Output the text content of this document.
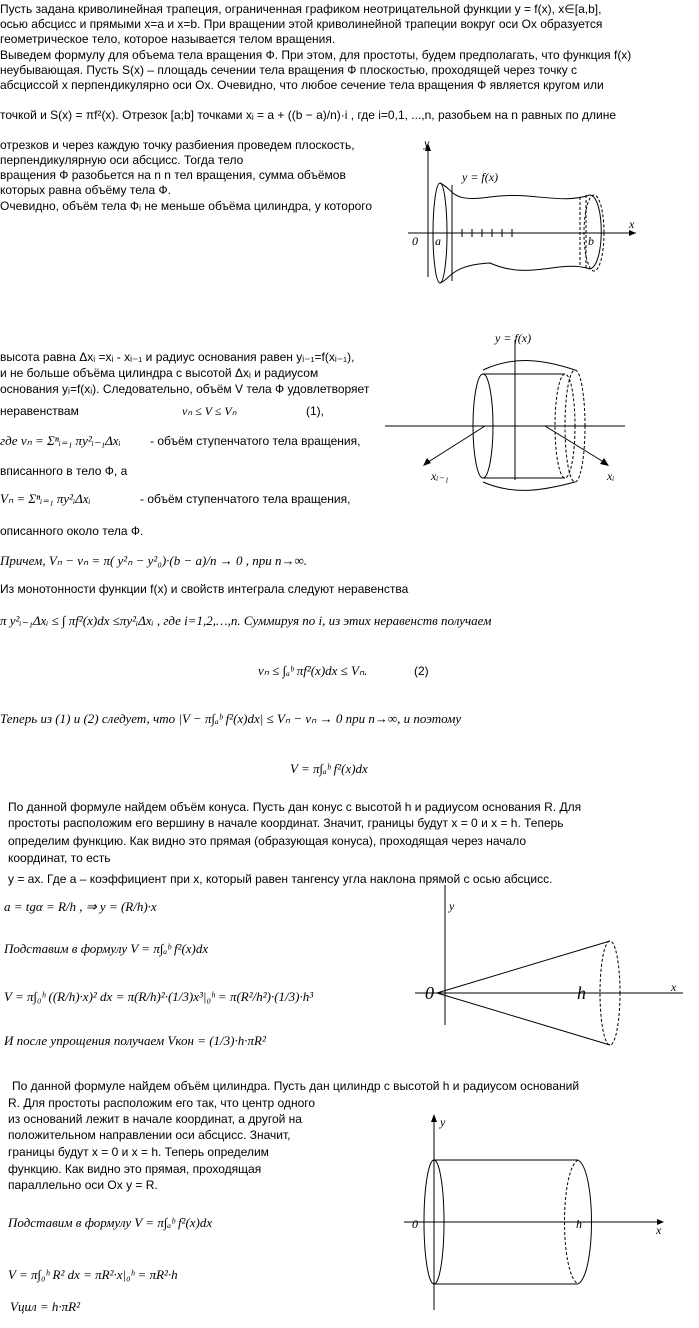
Пусть задана криволинейная трапеция, ограниченная графиком неотрицательной функции y = f(x), x∈[a,b],
осью абсцисс и прямыми x=a и x=b. При вращении этой криволинейной трапеции вокруг оси Ox образуется
геометрическое тело, которое называется телом вращения.
Выведем формулу для объема тела вращения Ф. При этом, для простоты, будем предполагать, что функция f(x)
неубывающая. Пусть S(x) – площадь сечении тела вращения Ф плоскостью, проходящей через точку с
абсциссой x перпендикулярно оси Ox. Очевидно, что любое сечение тела вращения Ф является кругом или
точкой и S(x) = πf²(x). Отрезок [a;b] точками xᵢ = a + ((b − a)/n)·i , где i=0,1, ...,n, разобьем на n равных по длине
отрезков и через каждую точку разбиения проведем плоскость,
перпендикулярную оси абсцисс. Тогда тело
вращения Ф разобьется на n n тел вращения, сумма объёмов
которых равна объёму тела Ф.
Очевидно, объём тела Фᵢ не меньше объёма цилиндра, у которого
y
x
y = f(x)
0 a	b
высота равна Δxᵢ =xᵢ - xᵢ₋₁ и радиус основания равен yᵢ₋₁=f(xᵢ₋₁),
и не больше объёма цилиндра с высотой Δxᵢ и радиусом
основания yᵢ=f(xᵢ). Следовательно, объём V тела Ф удовлетворяет
неравенствам	vₙ ≤ V ≤ Vₙ	(1),
где vₙ = Σⁿᵢ₌₁ πy²ᵢ₋₁Δxᵢ - объём ступенчатого тела вращения,
вписанного в тело Ф, а
Vₙ = Σⁿᵢ₌₁ πy²ᵢΔxᵢ	- объём ступенчатого тела вращения,
описанного около тела Ф.
Причем, Vₙ − vₙ = π( y²ₙ − y²₀)·(b − a)/n → 0 , при n→∞.
Из монотонности функции f(x) и свойств интеграла следуют неравенства
π y²ᵢ₋₁Δxᵢ ≤ ∫ πf²(x)dx ≤πy²ᵢΔxᵢ , где i=1,2,…,n. Суммируя по i, из этих неравенств получаем
vₙ ≤ ∫ₐᵇ πf²(x)dx ≤ Vₙ.	(2)
Теперь из (1) и (2) следует, что |V − π∫ₐᵇ f²(x)dx| ≤ Vₙ − vₙ → 0 при n→∞, и поэтому
V = π∫ₐᵇ f²(x)dx
y = f(x)
xᵢ₋₁	xᵢ
По данной формуле найдем объём конуса. Пусть дан конус с высотой h и радиусом основания R. Для
простоты расположим его вершину в начале координат. Значит, границы будут x = 0 и x = h. Теперь
определим функцию. Как видно это прямая (образующая конуса), проходящая через начало
координат, то есть
y = ax. Где a – коэффициент при x, который равен тангенсу угла наклона прямой с осью абсцисс.
a = tgα = R/h , ⇒ y = (R/h)·x
Подставим в формулу V = π∫ₐᵇ f²(x)dx
V = π∫₀ʰ ((R/h)·x)² dx = π(R/h)²·(1/3)x³|₀ʰ = π(R²/h²)·(1/3)·h³
И после упрощения получаем Vкон = (1/3)·h·πR²
y
x
0	h
По данной формуле найдем объём цилиндра. Пусть дан цилиндр с высотой h и радиусом оснований
R. Для простоты расположим его так, что центр одного
из оснований лежит в начале координат, а другой на
положительном направлении оси абсцисс. Значит,
границы будут x = 0 и x = h. Теперь определим
функцию. Как видно это прямая, проходящая
параллельно оси Ox y = R.
Подставим в формулу V = π∫ₐᵇ f²(x)dx
V = π∫₀ʰ R² dx = πR²·x|₀ʰ = πR²·h
Vцил = h·πR²
y
x
0	h
